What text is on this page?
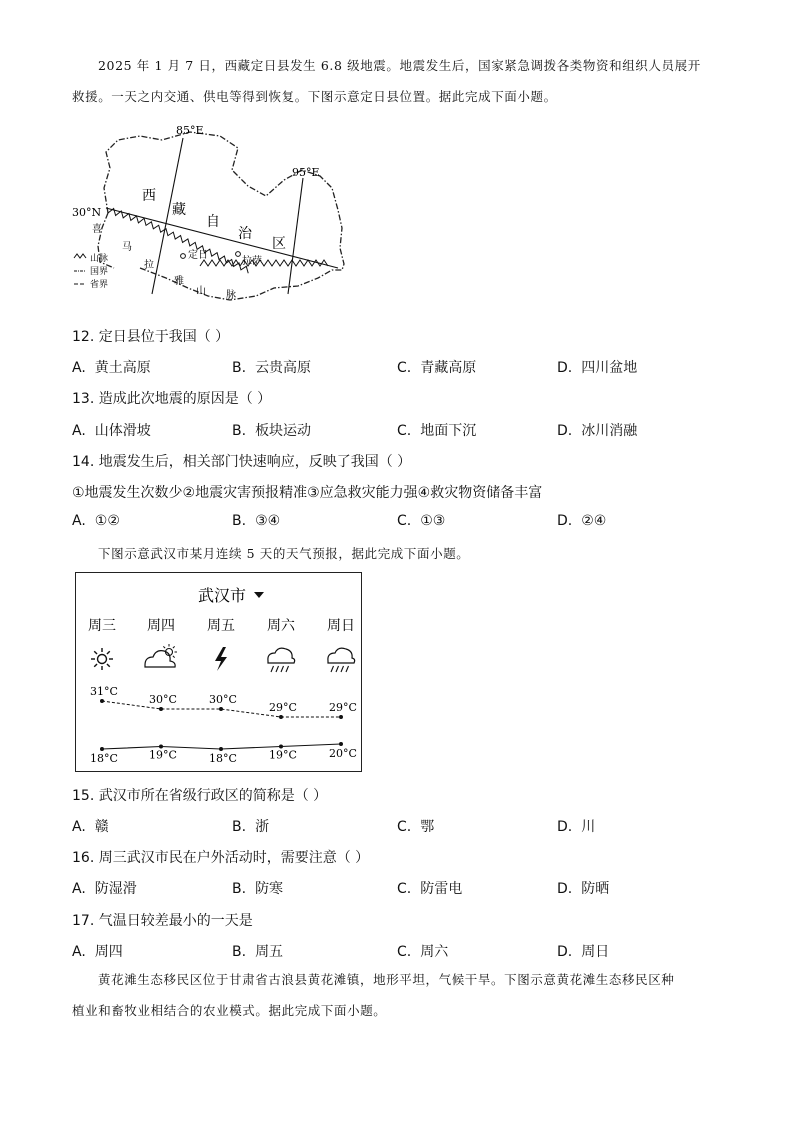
2025 年 1 月 7 日，西藏定日县发生 6.8 级地震。地震发生后，国家紧急调拨各类物资和组织人员展开
救援。一天之内交通、供电等得到恢复。下图示意定日县位置。据此完成下面小题。
85°E
95°E
30°N
西
藏
自
治
区
喜
马
拉
雅
山 脉
定日
拉萨
山脉
国界
省界
12. 定日县位于我国（ ）
A. 黄土高原	B. 云贵高原	C. 青藏高原	D. 四川盆地
13. 造成此次地震的原因是（ ）
A. 山体滑坡	B. 板块运动	C. 地面下沉	D. 冰川消融
14. 地震发生后，相关部门快速响应，反映了我国（ ）
①地震发生次数少②地震灾害预报精准③应急救灾能力强④救灾物资储备丰富
A. ①②	B. ③④	C. ①③	D. ②④
下图示意武汉市某月连续 5 天的天气预报，据此完成下面小题。
武汉市
周三 周四 周五 周六 周日
31°C
30°C	30°C
29°C	29°C
18°C	19°C	18°C	19°C	20°C
15. 武汉市所在省级行政区的简称是（ ）
A. 赣	B. 浙	C. 鄂	D. 川
16. 周三武汉市民在户外活动时，需要注意（ ）
A. 防湿滑	B. 防寒	C. 防雷电	D. 防晒
17. 气温日较差最小的一天是
A. 周四	B. 周五	C. 周六	D. 周日
黄花滩生态移民区位于甘肃省古浪县黄花滩镇，地形平坦，气候干旱。下图示意黄花滩生态移民区种
植业和畜牧业相结合的农业模式。据此完成下面小题。
